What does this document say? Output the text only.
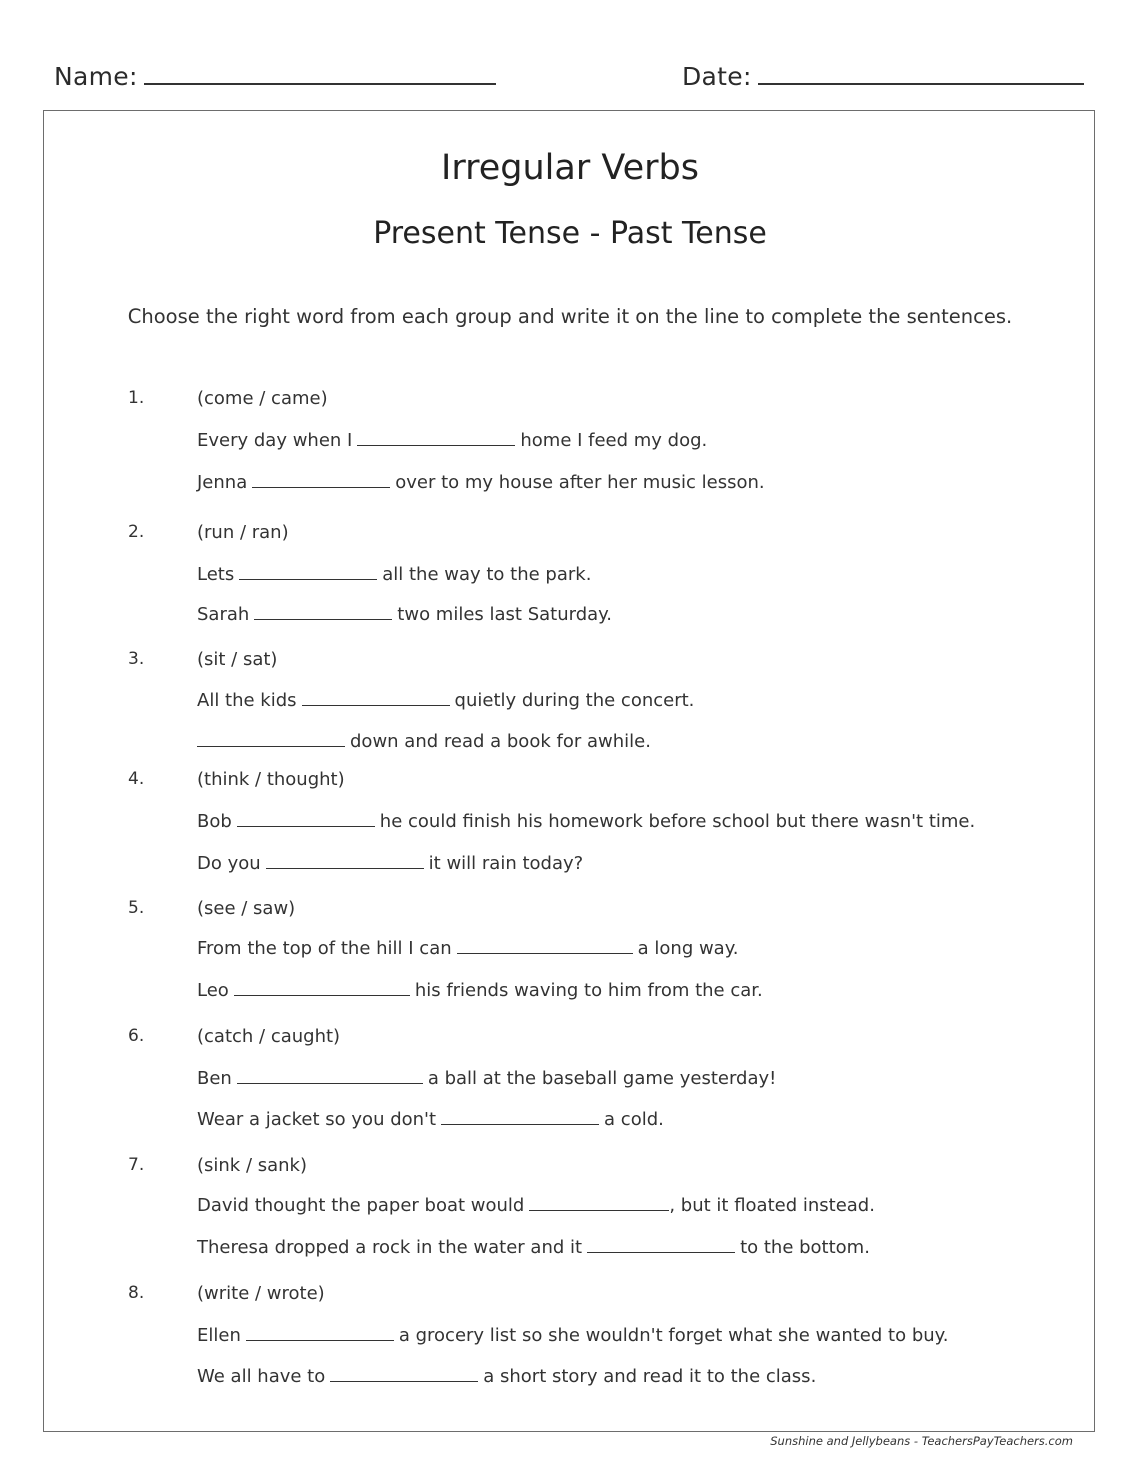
Name:	Date:
Irregular Verbs
Present Tense - Past Tense
Choose the right word from each group and write it on the line to complete the sentences.
1.	(come / came)
Every day when I	home I feed my dog.
Jenna	over to my house after her music lesson.
2.	(run / ran)
Lets	all the way to the park.
Sarah	two miles last Saturday.
3.	(sit / sat)
All the kids	quietly during the concert.
down and read a book for awhile.
4.	(think / thought)
Bob	he could finish his homework before school but there wasn't time.
Do you	it will rain today?
5.	(see / saw)
From the top of the hill I can	a long way.
Leo	his friends waving to him from the car.
6.	(catch / caught)
Ben	a ball at the baseball game yesterday!
Wear a jacket so you don't	a cold.
7.	(sink / sank)
David thought the paper boat would	, but it floated instead.
Theresa dropped a rock in the water and it	to the bottom.
8.	(write / wrote)
Ellen	a grocery list so she wouldn't forget what she wanted to buy.
We all have to	a short story and read it to the class.
Sunshine and Jellybeans - TeachersPayTeachers.com
